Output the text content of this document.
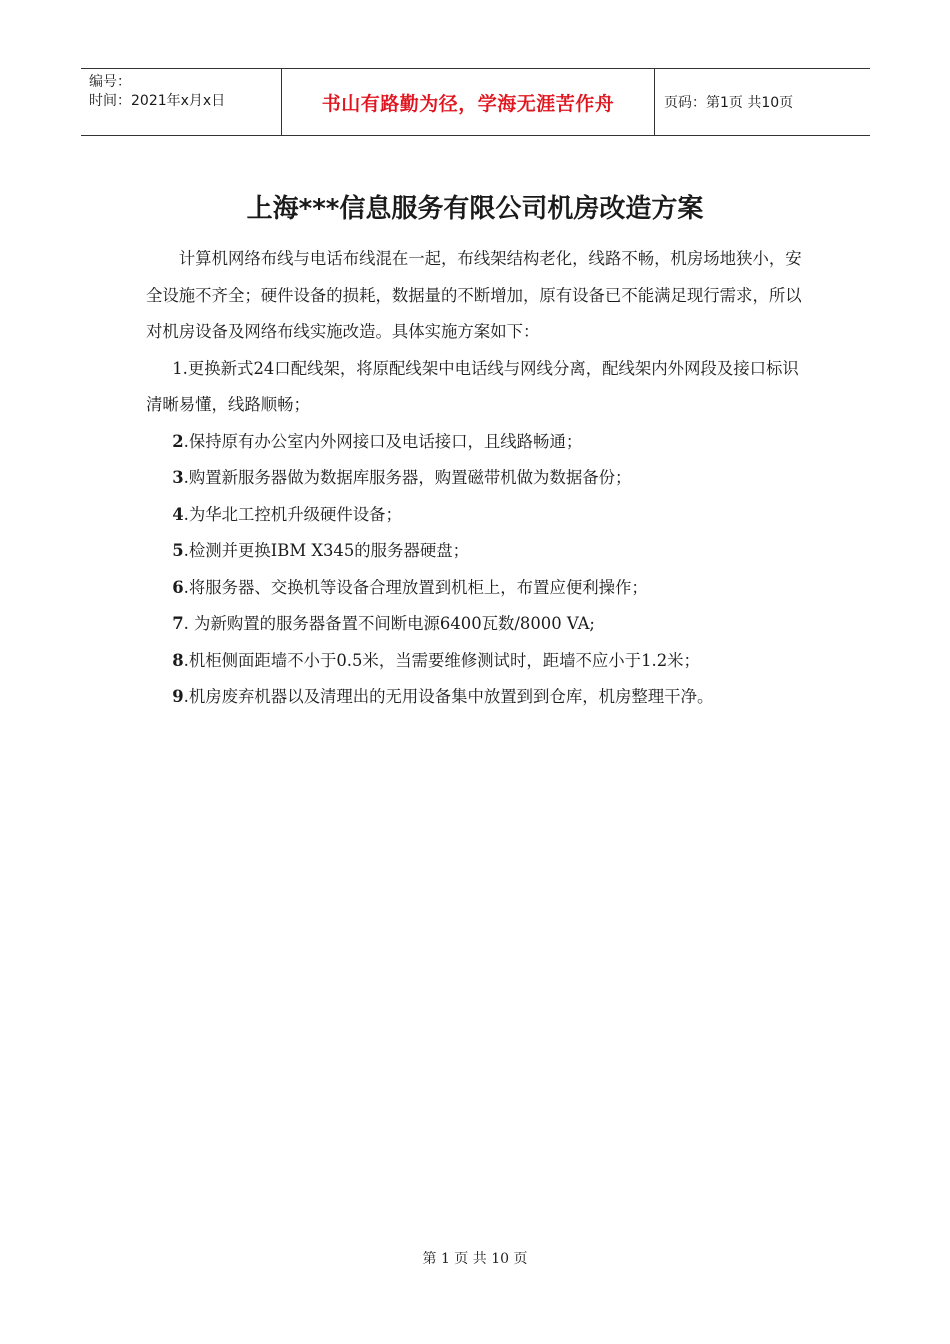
编号：
时间：2021年x月x日	书山有路勤为径，学海无涯苦作舟	页码：第1页 共10页
上海***信息服务有限公司机房改造方案

计算机网络布线与电话布线混在一起，布线架结构老化，线路不畅，机房场地狭小，安全设施不齐全；硬件设备的损耗，数据量的不断增加，原有设备已不能满足现行需求，所以对机房设备及网络布线实施改造。具体实施方案如下：

1.更换新式24口配线架，将原配线架中电话线与网线分离，配线架内外网段及接口标识清晰易懂，线路顺畅；

2.保持原有办公室内外网接口及电话接口，且线路畅通；

3.购置新服务器做为数据库服务器，购置磁带机做为数据备份；

4.为华北工控机升级硬件设备；

5.检测并更换IBM X345的服务器硬盘；

6.将服务器、交换机等设备合理放置到机柜上，布置应便利操作；

7. 为新购置的服务器备置不间断电源6400瓦数/8000 VA;

8.机柜侧面距墙不小于0.5米，当需要维修测试时，距墙不应小于1.2米；

9.机房废弃机器以及清理出的无用设备集中放置到到仓库，机房整理干净。

第 1 页 共 10 页
